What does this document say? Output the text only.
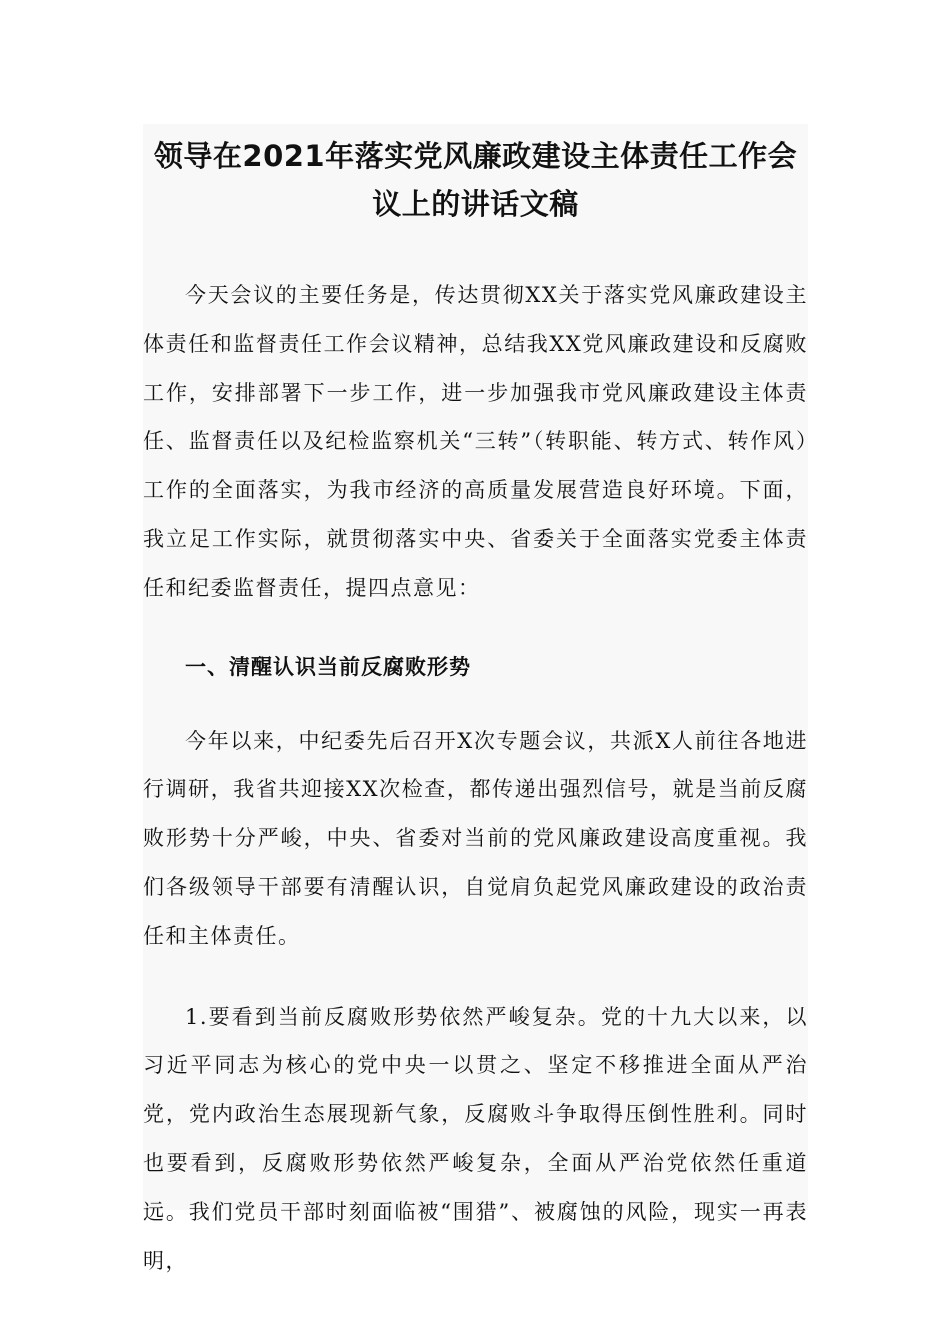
领导在2021年落实党风廉政建设主体责任工作会议上的讲话文稿

今天会议的主要任务是，传达贯彻XX关于落实党风廉政建设主体责任和监督责任工作会议精神，总结我XX党风廉政建设和反腐败工作，安排部署下一步工作，进一步加强我市党风廉政建设主体责任、监督责任以及纪检监察机关“三转”（转职能、转方式、转作风）工作的全面落实，为我市经济的高质量发展营造良好环境。下面，我立足工作实际，就贯彻落实中央、省委关于全面落实党委主体责任和纪委监督责任，提四点意见：

一、清醒认识当前反腐败形势

今年以来，中纪委先后召开X次专题会议，共派X人前往各地进行调研，我省共迎接XX次检查，都传递出强烈信号，就是当前反腐败形势十分严峻，中央、省委对当前的党风廉政建设高度重视。我们各级领导干部要有清醒认识，自觉肩负起党风廉政建设的政治责任和主体责任。

1.要看到当前反腐败形势依然严峻复杂。党的十九大以来，以习近平同志为核心的党中央一以贯之、坚定不移推进全面从严治党，党内政治生态展现新气象，反腐败斗争取得压倒性胜利。同时也要看到，反腐败形势依然严峻复杂，全面从严治党依然任重道远。我们党员干部时刻面临被“围猎”、被腐蚀的风险，现实一再表明，
